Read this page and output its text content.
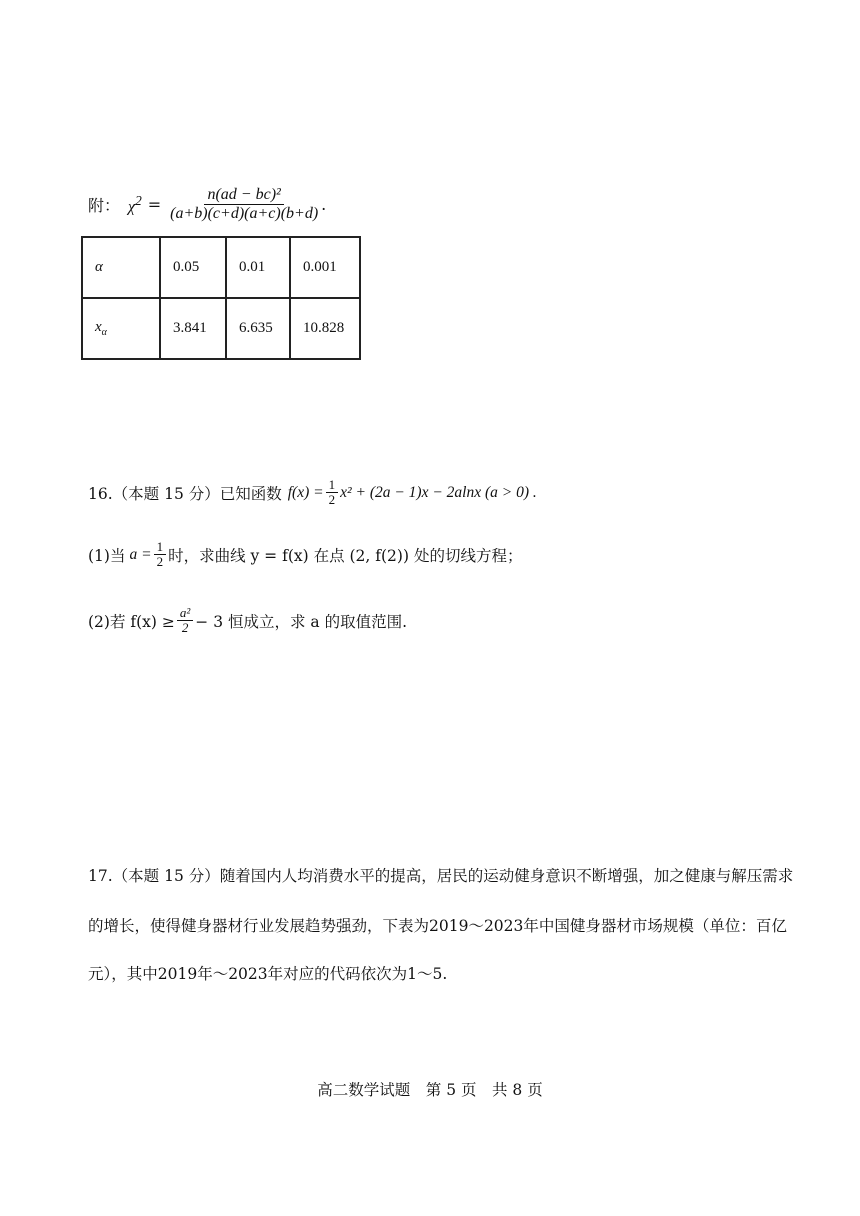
附： $\chi^2 = \frac{\text{n(ad − bc)²}}{(a+b)(c+d)(a+c)(b+d)}$ .
α	0.05	0.01	0.001
$x_\alpha$	3.841	6.635	10.828
16.（本题 15 分）已知函数 $f(x) = \frac{1}{2} x^2 + (2a - 1)x - 2alnx$ (a > 0) .
(1)当 $a = \frac{1}{2}$ 时，求曲线 y = f(x) 在点 (2, f(2)) 处的切线方程；
(2)若 $f(x) \ge \frac{\text{a²}}{2} - 3$ 恒成立，求 a 的取值范围.
17.（本题 15 分）随着国内人均消费水平的提高，居民的运动健身意识不断增强，加之健康与解压需求
的增长，使得健身器材行业发展趋势强劲，下表为2019～2023年中国健身器材市场规模（单位：百亿
元），其中2019年～2023年对应的代码依次为1～5.
高二数学试题　第 5 页　共 8 页
